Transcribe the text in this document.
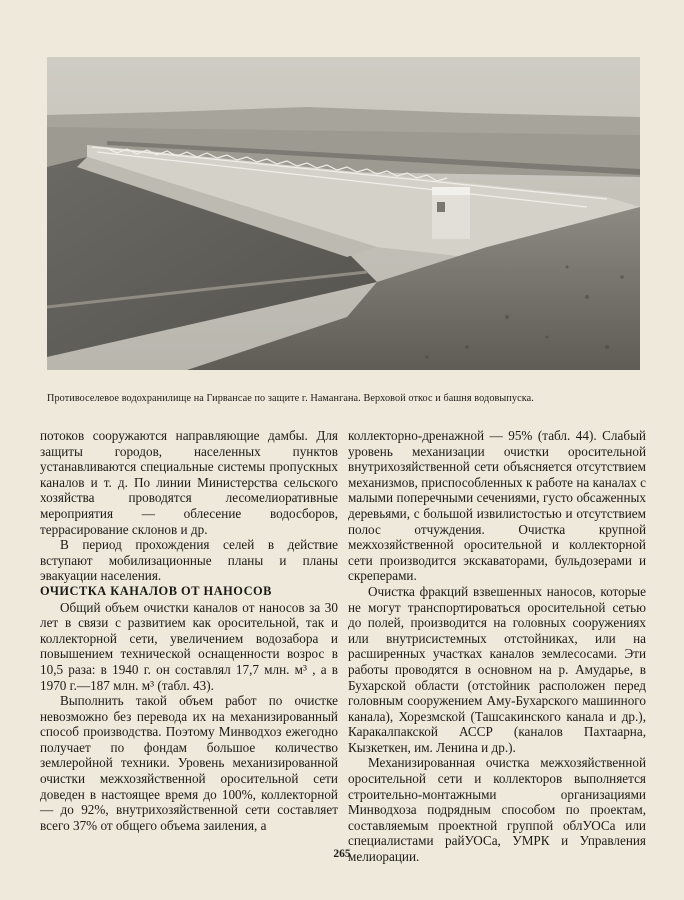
Противоселевое водохранилище на Гирвансае по защите г. Наманганa. Верховой откос и башня водовыпуска.

потоков сооружаются направляющие дамбы. Для защиты городов, населенных пунктов устанавливаются специальные системы пропускных каналов и т. д. По линии Министерства сельского хозяйства проводятся лесомелиоративные мероприятия — облесение водосборов, террасирование склонов и др.

В период прохождения селей в действие вступают мобилизационные планы и планы эвакуации населения.

ОЧИСТКА КАНАЛОВ ОТ НАНОСОВ

Общий объем очистки каналов от наносов за 30 лет в связи с развитием как оросительной, так и коллекторной сети, увеличением водозабора и повышением технической оснащенности возрос в 10,5 раза: в 1940 г. он составлял 17,7 млн. м³ , а в 1970 г.—187 млн. м³ (табл. 43).

Выполнить такой объем работ по очистке невозможно без перевода их на механизированный способ производства. Поэтому Минводхоз ежегодно получает по фондам большое количество землеройной техники. Уровень механизированной очистки межхозяйственной оросительной сети доведен в настоящее время до 100%, коллекторной — до 92%, внутрихозяйственной сети составляет всего 37% от общего объема заиления, а

коллекторно-дренажной — 95% (табл. 44). Слабый уровень механизации очистки оросительной внутрихозяйственной сети объясняется отсутствием механизмов, приспособленных к работе на каналах с малыми поперечными сечениями, густо обсаженных деревьями, с большой извилистостью и отсутствием полос отчуждения. Очистка крупной межхозяйственной оросительной и коллекторной сети производится экскаваторами, бульдозерами и скреперами.

Очистка фракций взвешенных наносов, которые не могут транспортироваться оросительной сетью до полей, производится на головных сооружениях или внутрисистемных отстойниках, или на расширенных участках каналов землесосами. Эти работы проводятся в основном на р. Амударье, в Бухарской области (отстойник расположен перед головным сооружением Аму-Бухарского машинного канала), Хорезмской (Ташсакинского канала и др.), Каракалпакской АССР (каналов Пахтаарна, Кызкеткен, им. Ленина и др.).

Механизированная очистка межхозяйственной оросительной сети и коллекторов выполняется строительно-монтажными организациями Минводхоза подрядным способом по проектам, составляемым проектной группой облУОСа или специалистами райУОСа, УМРК и Управления мелиорации.

265
